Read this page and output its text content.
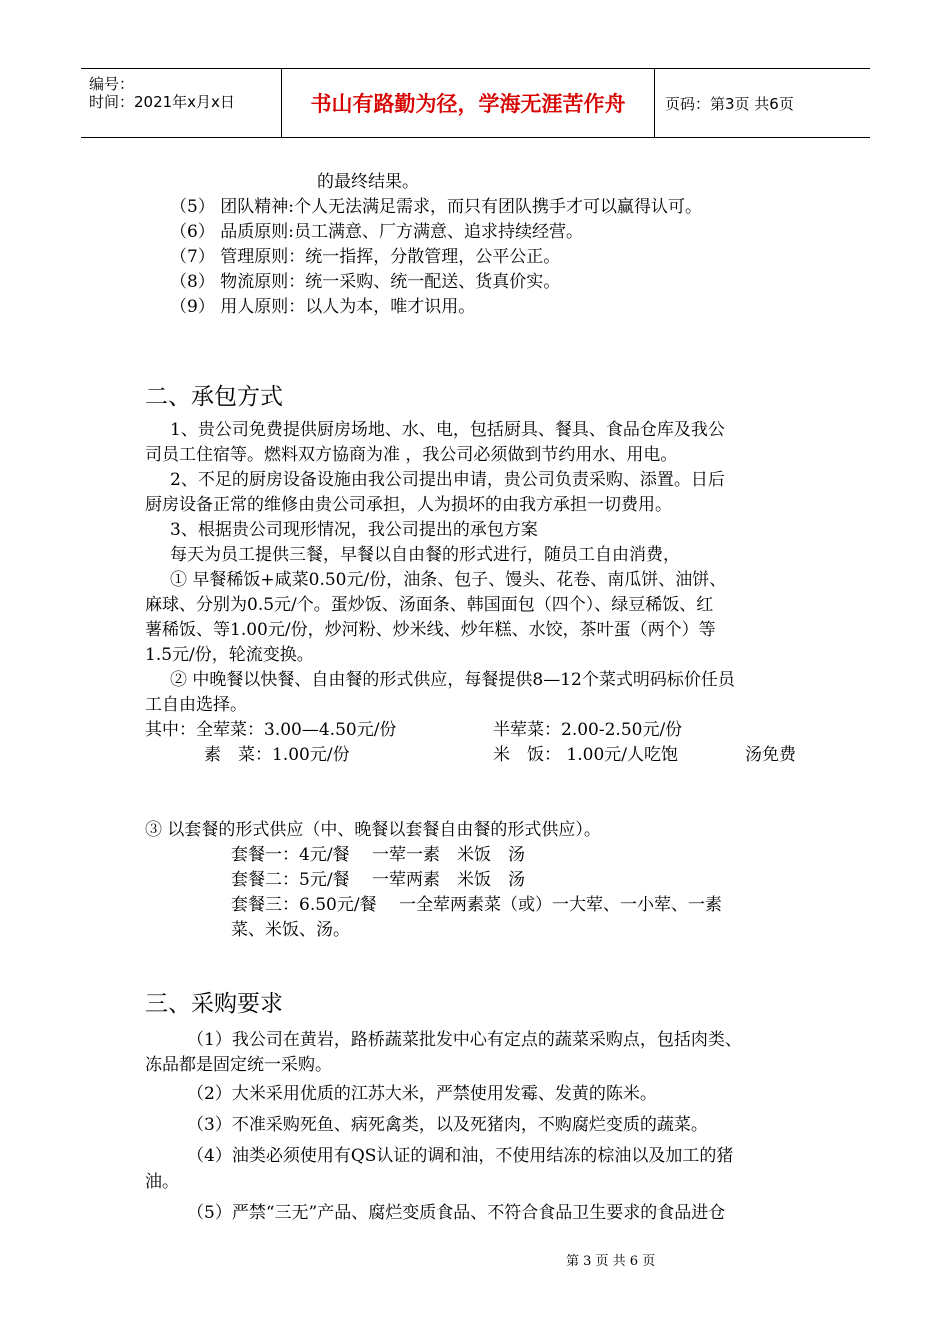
编号：
时间：2021年x月x日	书山有路勤为径，学海无涯苦作舟	页码：第3页 共6页
的最终结果。
（5） 团队精神:个人无法满足需求，而只有团队携手才可以赢得认可。
（6） 品质原则:员工满意、厂方满意、追求持续经营。
（7） 管理原则：统一指挥，分散管理，公平公正。
（8） 物流原则：统一采购、统一配送、货真价实。
（9） 用人原则：以人为本，唯才识用。
二、承包方式
1、贵公司免费提供厨房场地、水、电，包括厨具、餐具、食品仓库及我公
司员工住宿等。燃料双方協商为准 ，我公司必须做到节约用水、用电。
2、不足的厨房设备设施由我公司提出申请，贵公司负责采购、添置。日后
厨房设备正常的维修由贵公司承担，人为损坏的由我方承担一切费用。
3、根据贵公司现形情况，我公司提出的承包方案
每天为员工提供三餐，早餐以自由餐的形式进行，随员工自由消费，
① 早餐稀饭+咸菜0.50元/份，油条、包子、馒头、花卷、南瓜饼、油饼、
麻球、分别为0.5元/个。蛋炒饭、汤面条、韩国面包（四个）、绿豆稀饭、红
薯稀饭、等1.00元/份，炒河粉、炒米线、炒年糕、水饺，茶叶蛋（两个）等
1.5元/份，轮流变换。
② 中晚餐以快餐、自由餐的形式供应，每餐提供8—12个菜式明码标价任员
工自由选择。
其中：全荤菜：3.00—4.50元/份	半荤菜：2.00-2.50元/份
素　菜：1.00元/份	米　饭： 1.00元/人吃饱	汤免费
③ 以套餐的形式供应（中、晚餐以套餐自由餐的形式供应）。
套餐一：4元/餐　 一荤一素　米饭　汤
套餐二：5元/餐　 一荤两素　米饭　汤
套餐三：6.50元/餐　 一全荤两素菜（或）一大荤、一小荤、一素
菜、米饭、汤。
三、采购要求
（1）我公司在黄岩，路桥蔬菜批发中心有定点的蔬菜采购点，包括肉类、
冻品都是固定统一采购。
（2）大米采用优质的江苏大米，严禁使用发霉、发黄的陈米。
（3）不准采购死鱼、病死禽类，以及死猪肉，不购腐烂变质的蔬菜。
（4）油类必须使用有QS认证的调和油，不使用结冻的棕油以及加工的猪
油。
（5）严禁“三无”产品、腐烂变质食品、不符合食品卫生要求的食品进仓
第 3 页 共 6 页
